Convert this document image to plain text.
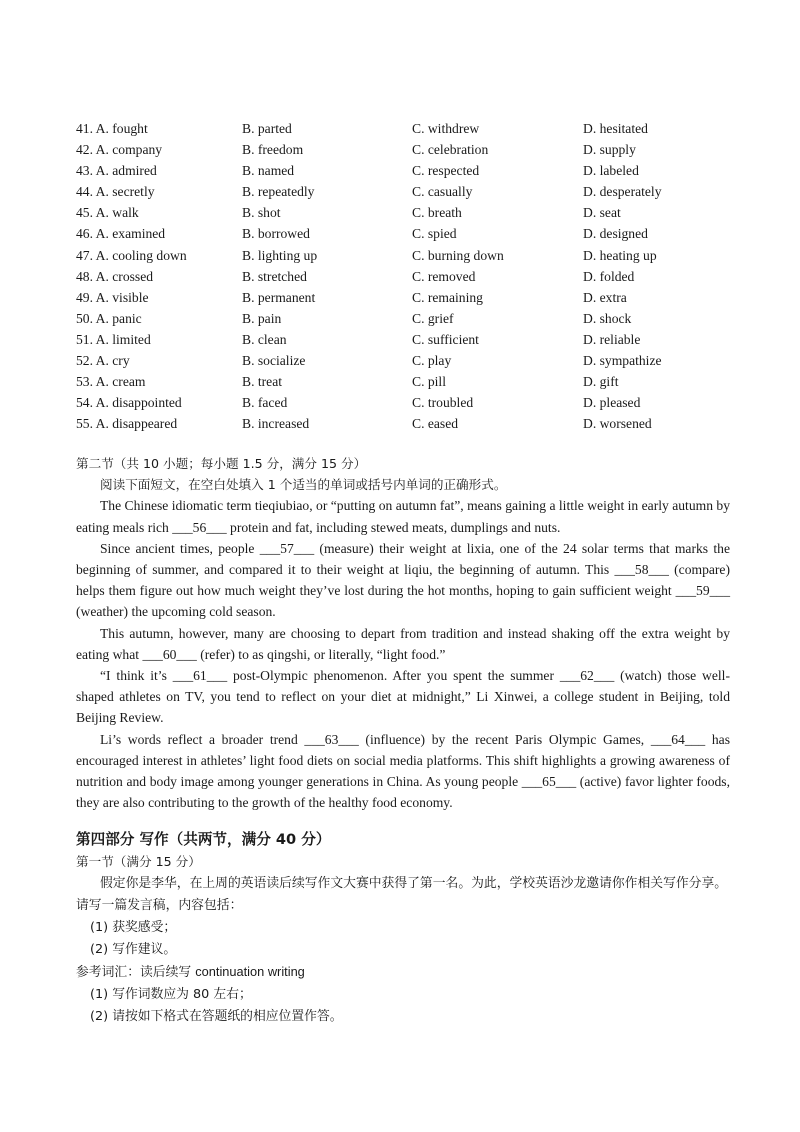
41. A. fought	B. parted	C. withdrew	D. hesitated
42. A. company	B. freedom	C. celebration	D. supply
43. A. admired	B. named	C. respected	D. labeled
44. A. secretly	B. repeatedly	C. casually	D. desperately
45. A. walk	B. shot	C. breath	D. seat
46. A. examined	B. borrowed	C. spied	D. designed
47. A. cooling down	B. lighting up	C. burning down	D. heating up
48. A. crossed	B. stretched	C. removed	D. folded
49. A. visible	B. permanent	C. remaining	D. extra
50. A. panic	B. pain	C. grief	D. shock
51. A. limited	B. clean	C. sufficient	D. reliable
52. A. cry	B. socialize	C. play	D. sympathize
53. A. cream	B. treat	C. pill	D. gift
54. A. disappointed	B. faced	C. troubled	D. pleased
55. A. disappeared	B. increased	C. eased	D. worsened
第二节（共 10 小题；每小题 1.5 分，满分 15 分）
阅读下面短文，在空白处填入 1 个适当的单词或括号内单词的正确形式。

The Chinese idiomatic term tieqiubiao, or “putting on autumn fat”, means gaining a little weight in early autumn by eating meals rich ___56___ protein and fat, including stewed meats, dumplings and nuts.

Since ancient times, people ___57___ (measure) their weight at lixia, one of the 24 solar terms that marks the beginning of summer, and compared it to their weight at liqiu, the beginning of autumn. This ___58___ (compare) helps them figure out how much weight they’ve lost during the hot months, hoping to gain sufficient weight ___59___ (weather) the upcoming cold season.

This autumn, however, many are choosing to depart from tradition and instead shaking off the extra weight by eating what ___60___ (refer) to as qingshi, or literally, “light food.”

“I think it’s ___61___ post-Olympic phenomenon. After you spent the summer ___62___ (watch) those well-shaped athletes on TV, you tend to reflect on your diet at midnight,” Li Xinwei, a college student in Beijing, told Beijing Review.

Li’s words reflect a broader trend ___63___ (influence) by the recent Paris Olympic Games, ___64___ has encouraged interest in athletes’ light food diets on social media platforms. This shift highlights a growing awareness of nutrition and body image among younger generations in China. As young people ___65___ (active) favor lighter foods, they are also contributing to the growth of the healthy food economy.

第四部分 写作（共两节，满分 40 分）
第一节（满分 15 分）
假定你是李华，在上周的英语读后续写作文大赛中获得了第一名。为此，学校英语沙龙邀请你作相关写作分享。请写一篇发言稿，内容包括：
(1) 获奖感受；
(2) 写作建议。
参考词汇：读后续写 continuation writing
(1) 写作词数应为 80 左右；
(2) 请按如下格式在答题纸的相应位置作答。
